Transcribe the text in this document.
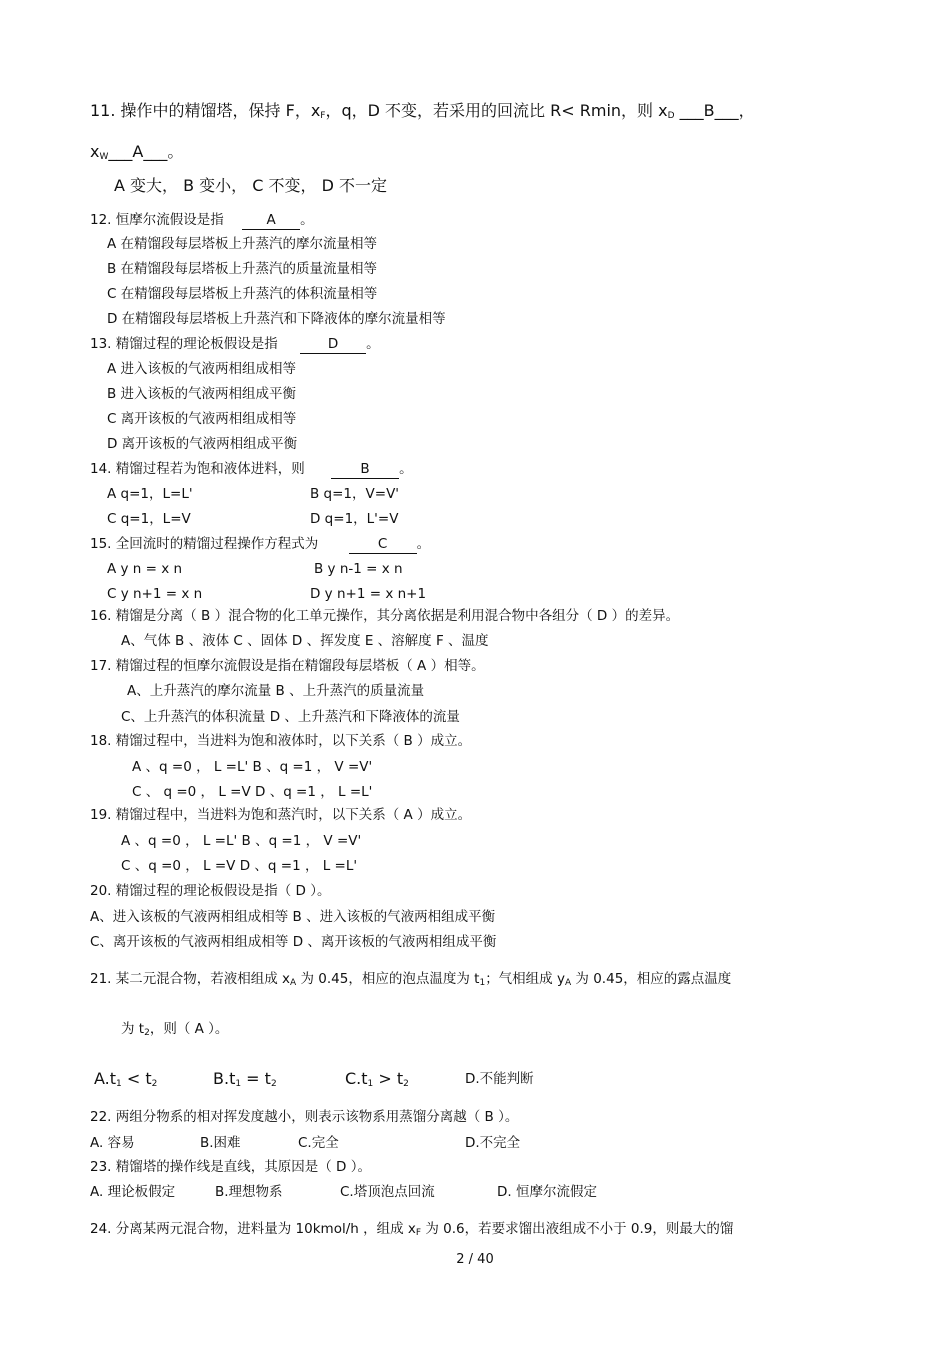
11. 操作中的精馏塔，保持 F，$x_F$，q，D 不变，若采用的回流比 R< Rmin，则 $x_D$ ___B___，
$x_W\_\_\_A\_\_\_$。
A 变大， B 变小， C 不变， D 不一定
12. 恒摩尔流假设是指	A 。
A 在精馏段每层塔板上升蒸汽的摩尔流量相等
B 在精馏段每层塔板上升蒸汽的质量流量相等
C 在精馏段每层塔板上升蒸汽的体积流量相等
D 在精馏段每层塔板上升蒸汽和下降液体的摩尔流量相等
13. 精馏过程的理论板假设是指	D 。
A 进入该板的气液两相组成相等
B 进入该板的气液两相组成平衡
C 离开该板的气液两相组成相等
D 离开该板的气液两相组成平衡
14. 精馏过程若为饱和液体进料，则	B 。
A q=1，L=L'	B q=1，V=V'
C q=1，L=V	D q=1，L'=V
15. 全回流时的精馏过程操作方程式为	C 。
A y n = x n	B y n-1 = x n
C y n+1 = x n	D y n+1 = x n+1
16. 精馏是分离（ B ）混合物的化工单元操作，其分离依据是利用混合物中各组分（ D ）的差异。
A、气体 B 、液体 C 、固体 D 、挥发度 E 、溶解度 F 、温度
17. 精馏过程的恒摩尔流假设是指在精馏段每层塔板（ A ）相等。
A、上升蒸汽的摩尔流量 B 、上升蒸汽的质量流量
C、上升蒸汽的体积流量 D 、上升蒸汽和下降液体的流量
18. 精馏过程中，当进料为饱和液体时，以下关系（ B ）成立。
A 、q =0 ， L =L' B 、q =1 ， V =V'
C 、 q =0 ， L =V D 、q =1 ， L =L'
19. 精馏过程中，当进料为饱和蒸汽时，以下关系（ A ）成立。
A 、q =0 ， L =L' B 、q =1 ， V =V'
C 、q =0 ， L =V D 、q =1 ， L =L'
20. 精馏过程的理论板假设是指（ D ）。
A、进入该板的气液两相组成相等 B 、进入该板的气液两相组成平衡
C、离开该板的气液两相组成相等 D 、离开该板的气液两相组成平衡
21. 某二元混合物，若液相组成 $x_A$ 为 0.45，相应的泡点温度为 $t_1$；气相组成 $y_A$ 为 0.45，相应的露点温度
为 $t_2$，则（ A ）。
$A.t_1 < t_2$	$B.t_1 = t_2$	$C.t_1 > t_2$	D.不能判断
22. 两组分物系的相对挥发度越小，则表示该物系用蒸馏分离越（ B ）。
A. 容易	B.困难	C.完全	D.不完全
23. 精馏塔的操作线是直线，其原因是（ D ）。
A. 理论板假定	B.理想物系	C.塔顶泡点回流	D. 恒摩尔流假定
24. 分离某两元混合物，进料量为 10kmol/h ，组成 $x_F$ 为 0.6，若要求馏出液组成不小于 0.9，则最大的馏
2 / 40
